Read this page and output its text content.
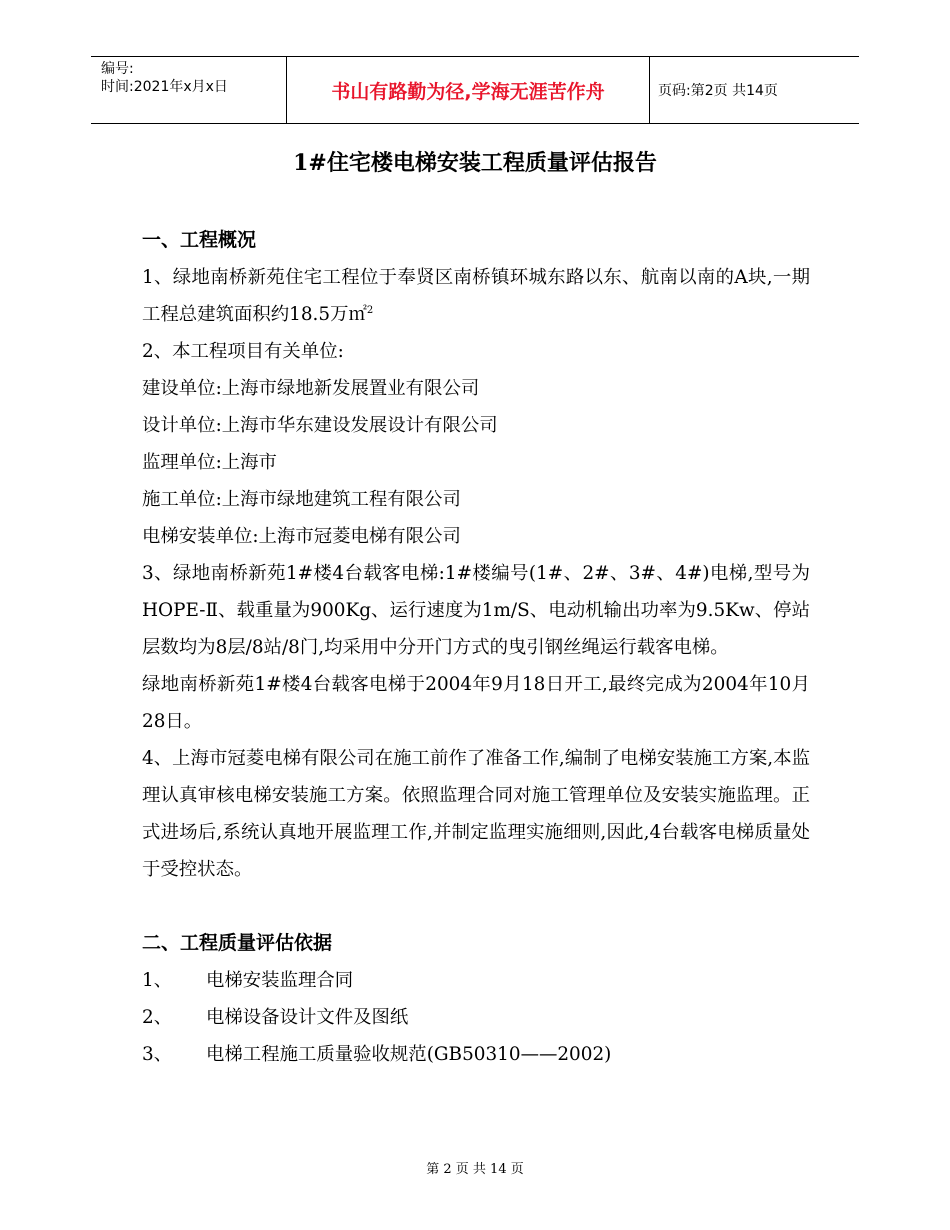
编号:
时间:2021年x月x日	书山有路勤为径,学海无涯苦作舟	页码:第2页 共14页
1#住宅楼电梯安装工程质量评估报告

一、工程概况

1、绿地南桥新苑住宅工程位于奉贤区南桥镇环城东路以东、航南以南的A块,一期工程总建筑面积约18.5万㎡$^2$

2、本工程项目有关单位:

建设单位:上海市绿地新发展置业有限公司

设计单位:上海市华东建设发展设计有限公司

监理单位:上海市

施工单位:上海市绿地建筑工程有限公司

电梯安装单位:上海市冠菱电梯有限公司

3、绿地南桥新苑1#楼4台载客电梯:1#楼编号(1#、2#、3#、4#)电梯,型号为HOPE-Ⅱ、载重量为900Kg、运行速度为1m/S、电动机输出功率为9.5Kw、停站层数均为8层/8站/8门,均采用中分开门方式的曳引钢丝绳运行载客电梯。

绿地南桥新苑1#楼4台载客电梯于2004年9月18日开工,最终完成为2004年10月28日。

4、上海市冠菱电梯有限公司在施工前作了准备工作,编制了电梯安装施工方案,本监理认真审核电梯安装施工方案。依照监理合同对施工管理单位及安装实施监理。正式进场后,系统认真地开展监理工作,并制定监理实施细则,因此,4台载客电梯质量处于受控状态。

二、工程质量评估依据

1、	电梯安装监理合同
2、	电梯设备设计文件及图纸
3、	电梯工程施工质量验收规范(GB50310——2002)
第 2 页 共 14 页
